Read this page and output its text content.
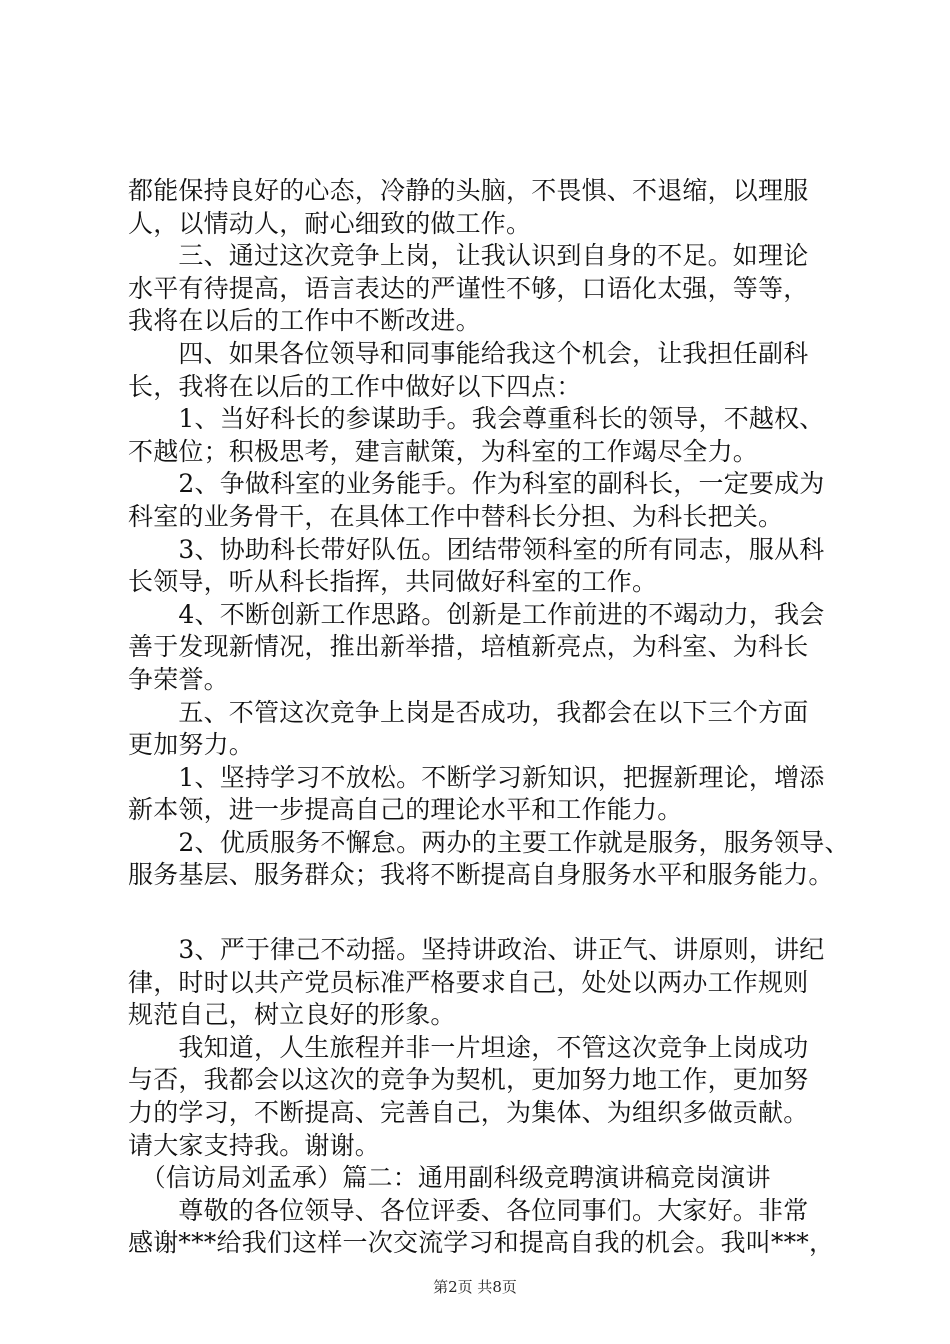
都能保持良好的心态，冷静的头脑，不畏惧、不退缩，以理服
人，以情动人，耐心细致的做工作。
　　三、通过这次竞争上岗，让我认识到自身的不足。如理论
水平有待提高，语言表达的严谨性不够，口语化太强，等等，
我将在以后的工作中不断改进。
　　四、如果各位领导和同事能给我这个机会，让我担任副科
长，我将在以后的工作中做好以下四点：
　　1、当好科长的参谋助手。我会尊重科长的领导，不越权、
不越位；积极思考，建言献策，为科室的工作竭尽全力。
　　2、争做科室的业务能手。作为科室的副科长，一定要成为
科室的业务骨干，在具体工作中替科长分担、为科长把关。
　　3、协助科长带好队伍。团结带领科室的所有同志，服从科
长领导，听从科长指挥，共同做好科室的工作。
　　4、不断创新工作思路。创新是工作前进的不竭动力，我会
善于发现新情况，推出新举措，培植新亮点，为科室、为科长
争荣誉。
　　五、不管这次竞争上岗是否成功，我都会在以下三个方面
更加努力。
　　1、坚持学习不放松。不断学习新知识，把握新理论，增添
新本领，进一步提高自己的理论水平和工作能力。
　　2、优质服务不懈怠。两办的主要工作就是服务，服务领导、
服务基层、服务群众；我将不断提高自身服务水平和服务能力。
　　3、严于律己不动摇。坚持讲政治、讲正气、讲原则，讲纪
律，时时以共产党员标准严格要求自己，处处以两办工作规则
规范自己，树立良好的形象。
　　我知道，人生旅程并非一片坦途，不管这次竞争上岗成功
与否，我都会以这次的竞争为契机，更加努力地工作，更加努
力的学习，不断提高、完善自己，为集体、为组织多做贡献。
请大家支持我。谢谢。
　（信访局刘孟承）篇二：通用副科级竞聘演讲稿竞岗演讲
　　尊敬的各位领导、各位评委、各位同事们。大家好。非常
感谢***给我们这样一次交流学习和提高自我的机会。我叫***，
第2页 共8页
